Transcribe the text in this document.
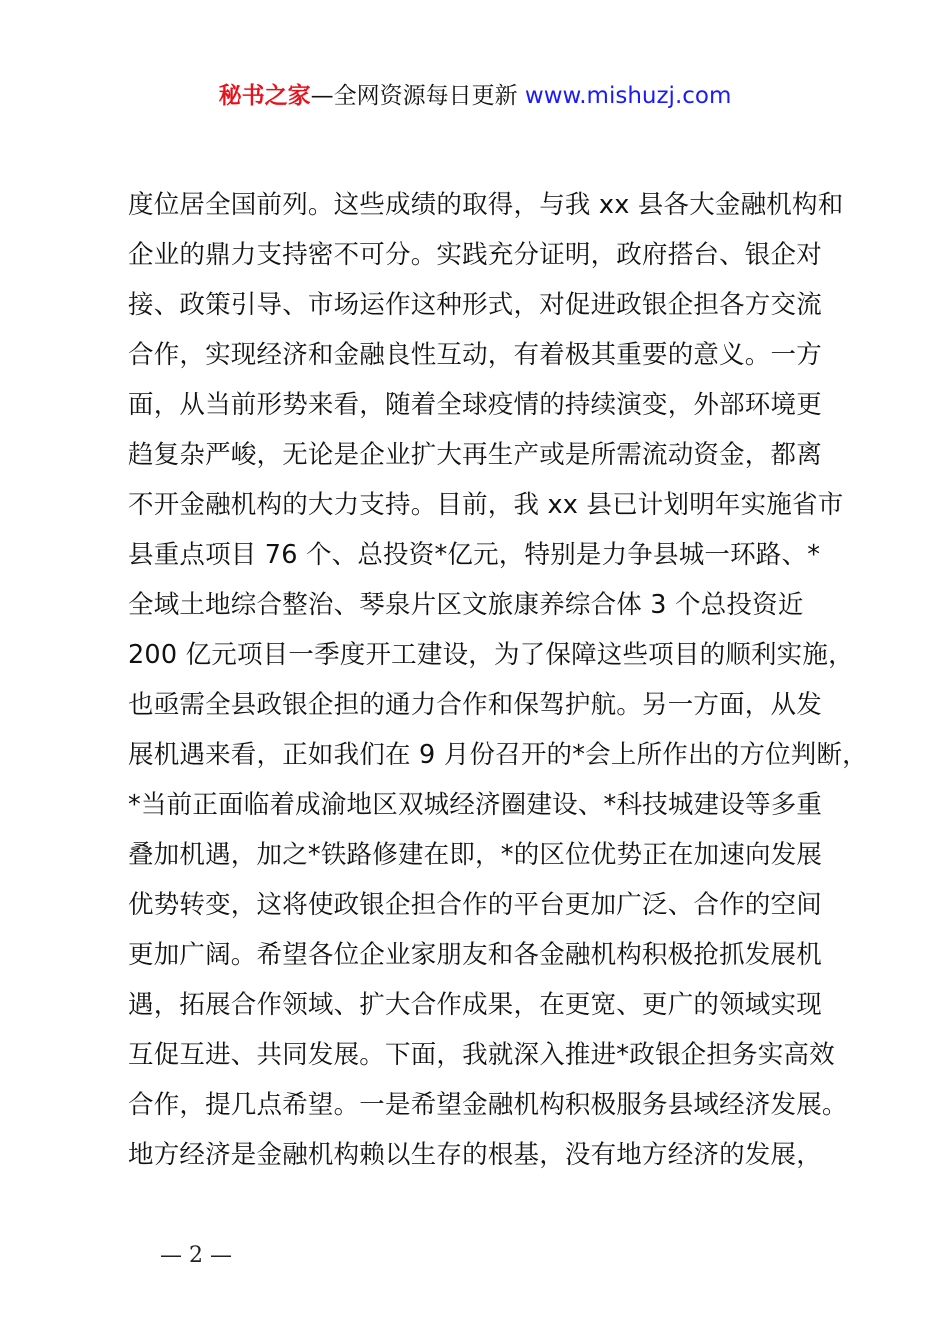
秘书之家—全网资源每日更新 www.mishuzj.com
度位居全国前列。这些成绩的取得，与我 xx 县各大金融机构和
企业的鼎力支持密不可分。实践充分证明，政府搭台、银企对
接、政策引导、市场运作这种形式，对促进政银企担各方交流
合作，实现经济和金融良性互动，有着极其重要的意义。一方
面，从当前形势来看，随着全球疫情的持续演变，外部环境更
趋复杂严峻，无论是企业扩大再生产或是所需流动资金，都离
不开金融机构的大力支持。目前，我 xx 县已计划明年实施省市
县重点项目 76 个、总投资*亿元，特别是力争县城一环路、*
全域土地综合整治、琴泉片区文旅康养综合体 3 个总投资近
200 亿元项目一季度开工建设，为了保障这些项目的顺利实施，
也亟需全县政银企担的通力合作和保驾护航。另一方面，从发
展机遇来看，正如我们在 9 月份召开的*会上所作出的方位判断，
*当前正面临着成渝地区双城经济圈建设、*科技城建设等多重
叠加机遇，加之*铁路修建在即，*的区位优势正在加速向发展
优势转变，这将使政银企担合作的平台更加广泛、合作的空间
更加广阔。希望各位企业家朋友和各金融机构积极抢抓发展机
遇，拓展合作领域、扩大合作成果，在更宽、更广的领域实现
互促互进、共同发展。下面，我就深入推进*政银企担务实高效
合作，提几点希望。一是希望金融机构积极服务县域经济发展。
地方经济是金融机构赖以生存的根基，没有地方经济的发展，
— 2 —
